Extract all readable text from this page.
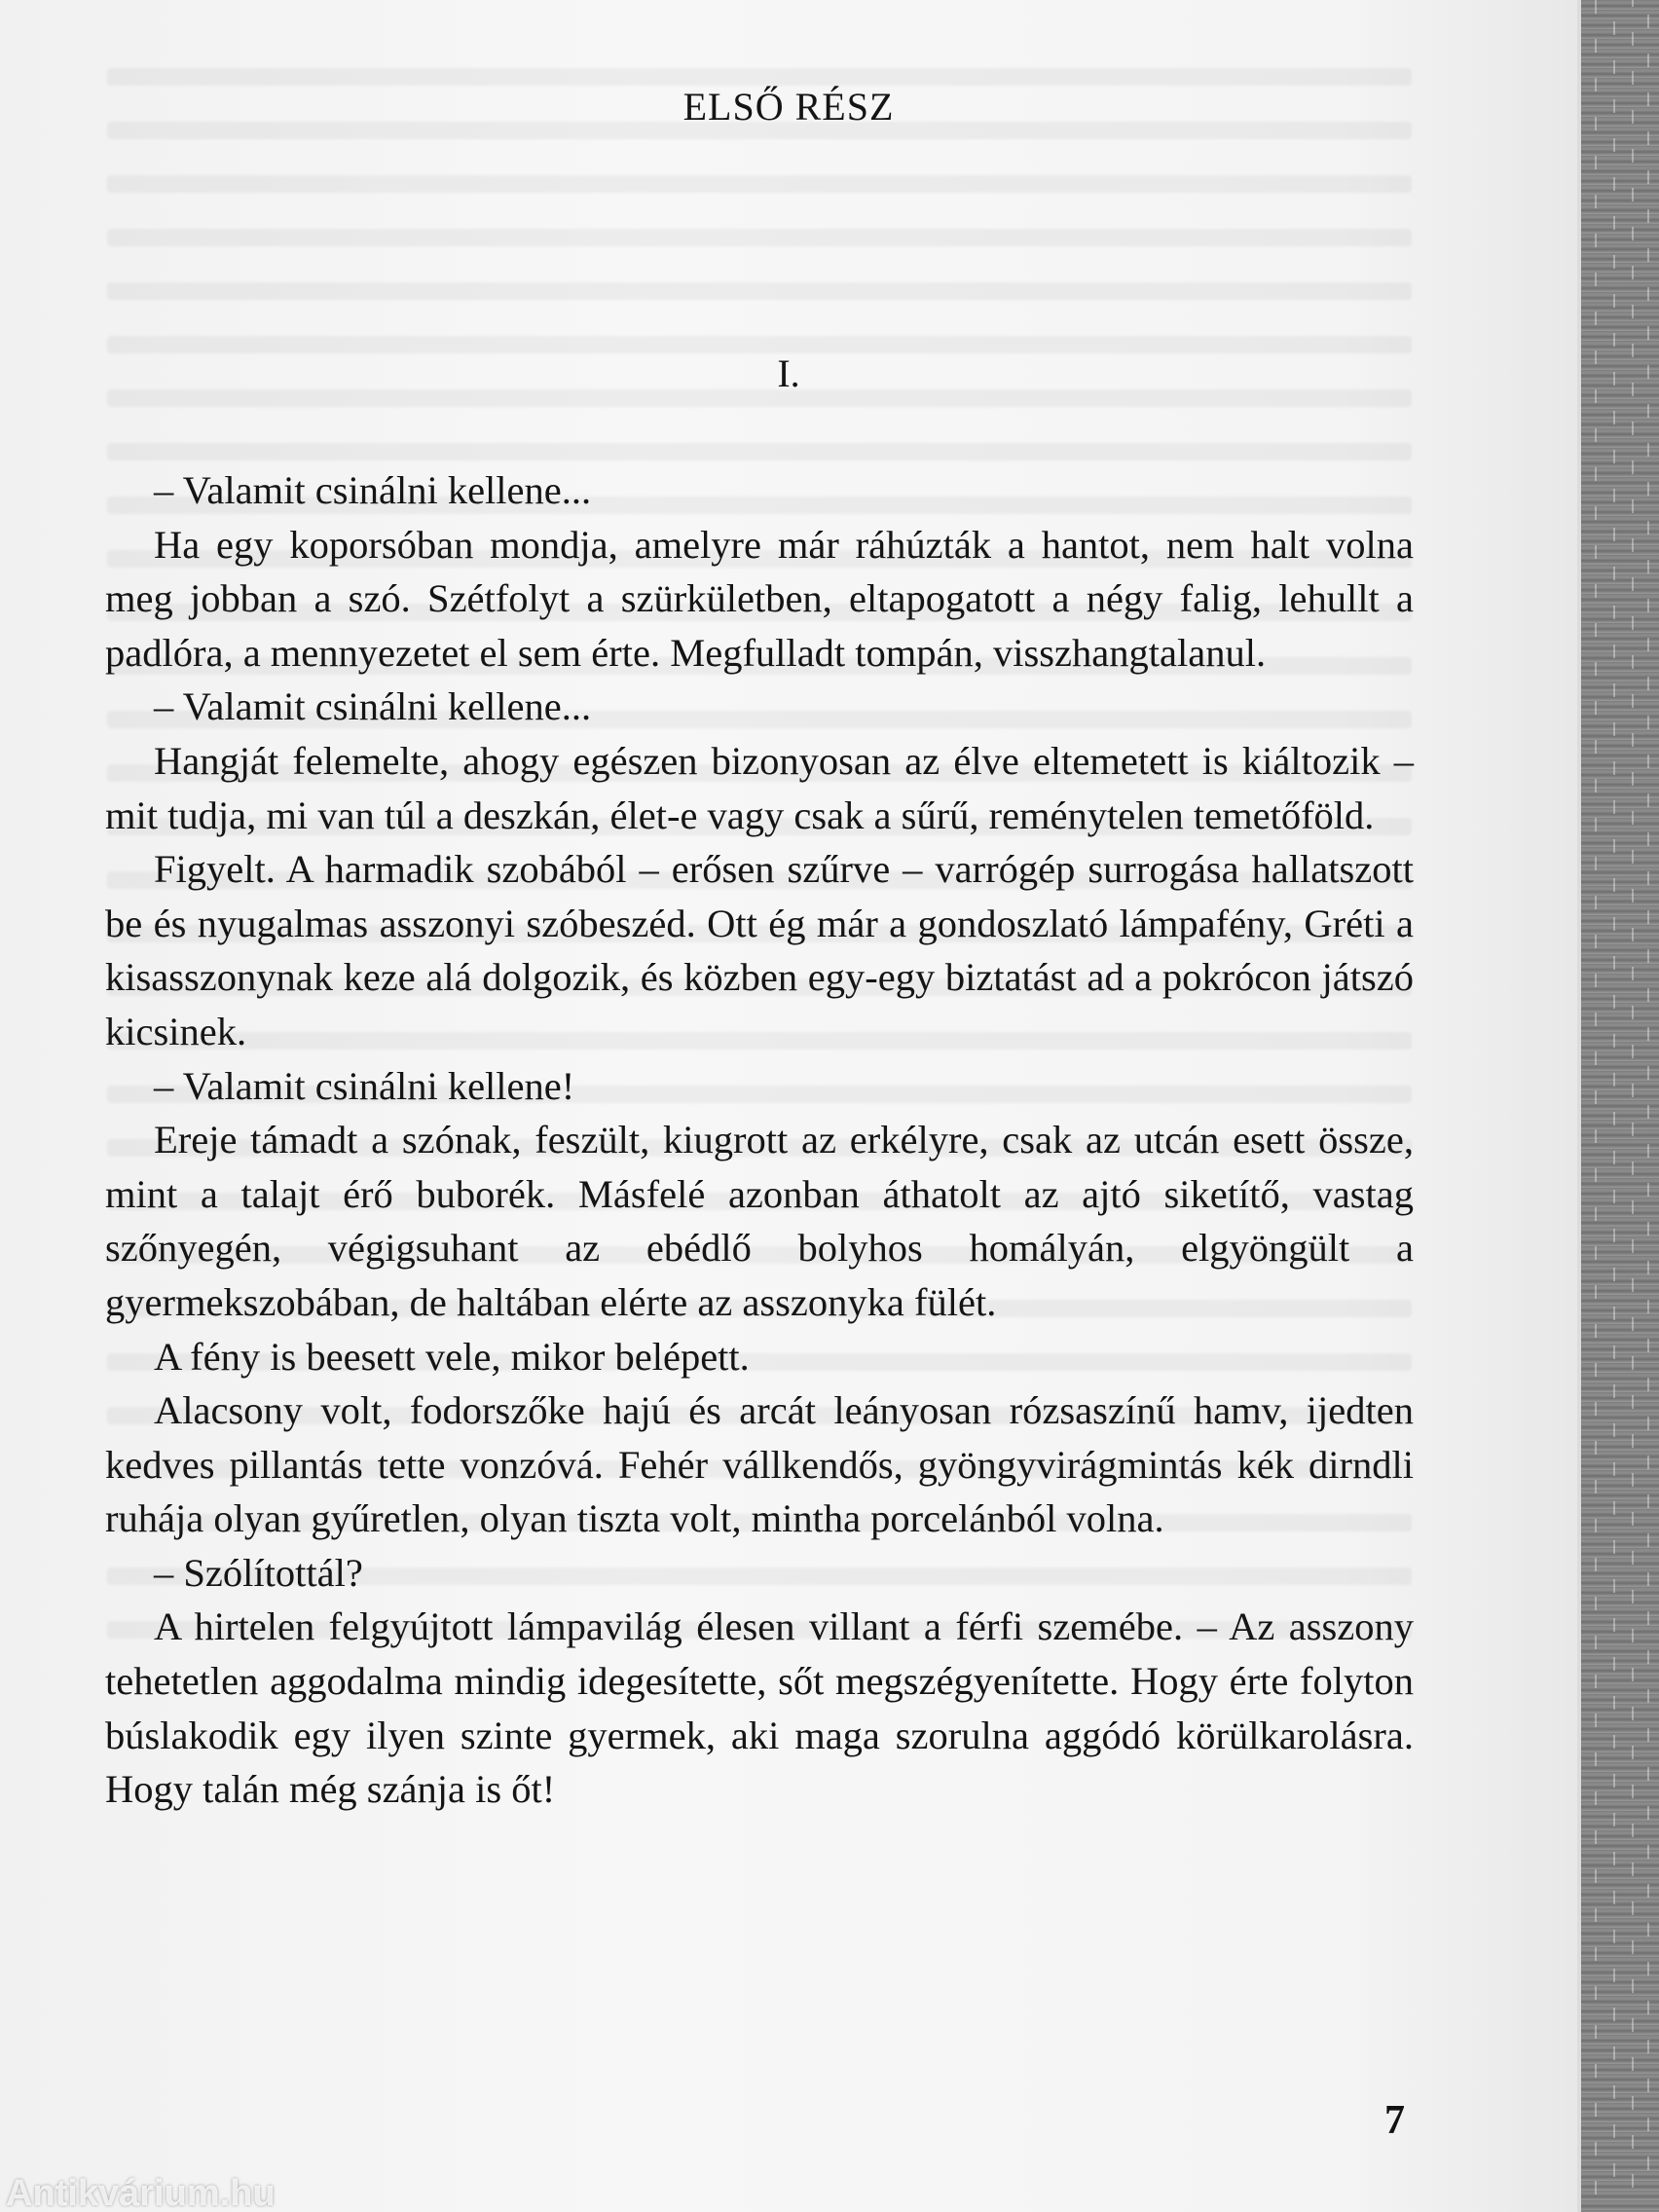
ELSŐ RÉSZ
I.

– Valamit csinálni kellene...

Ha egy koporsóban mondja, amelyre már ráhúzták a hantot, nem halt volna meg jobban a szó. Szétfolyt a szürkületben, eltapogatott a négy falig, lehullt a padlóra, a mennyezetet el sem érte. Megfulladt tompán, visszhangtalanul.

– Valamit csinálni kellene...

Hangját felemelte, ahogy egészen bizonyosan az élve eltemetett is kiáltozik – mit tudja, mi van túl a deszkán, élet-e vagy csak a sűrű, reménytelen temetőföld.

Figyelt. A harmadik szobából – erősen szűrve – varrógép surrogása hallatszott be és nyugalmas asszonyi szóbeszéd. Ott ég már a gondoszlató lámpafény, Gréti a kisasszonynak keze alá dolgozik, és közben egy-egy biztatást ad a pokrócon játszó kicsinek.

– Valamit csinálni kellene!

Ereje támadt a szónak, feszült, kiugrott az erkélyre, csak az utcán esett össze, mint a talajt érő buborék. Másfelé azonban áthatolt az ajtó siketítő, vastag szőnyegén, végigsuhant az ebédlő bolyhos homályán, elgyöngült a gyermekszobában, de haltában elérte az asszonyka fülét.

A fény is beesett vele, mikor belépett.

Alacsony volt, fodorszőke hajú és arcát leányosan rózsaszínű hamv, ijedten kedves pillantás tette vonzóvá. Fehér vállkendős, gyöngyvirágmintás kék dirndli ruhája olyan gyűretlen, olyan tiszta volt, mintha porcelánból volna.

– Szólítottál?

A hirtelen felgyújtott lámpavilág élesen villant a férfi szemébe. – Az asszony tehetetlen aggodalma mindig idegesítette, sőt megszégyenítette. Hogy érte folyton búslakodik egy ilyen szinte gyermek, aki maga szorulna aggódó körülkarolásra. Hogy talán még szánja is őt!

7
Antikvárium.hu
